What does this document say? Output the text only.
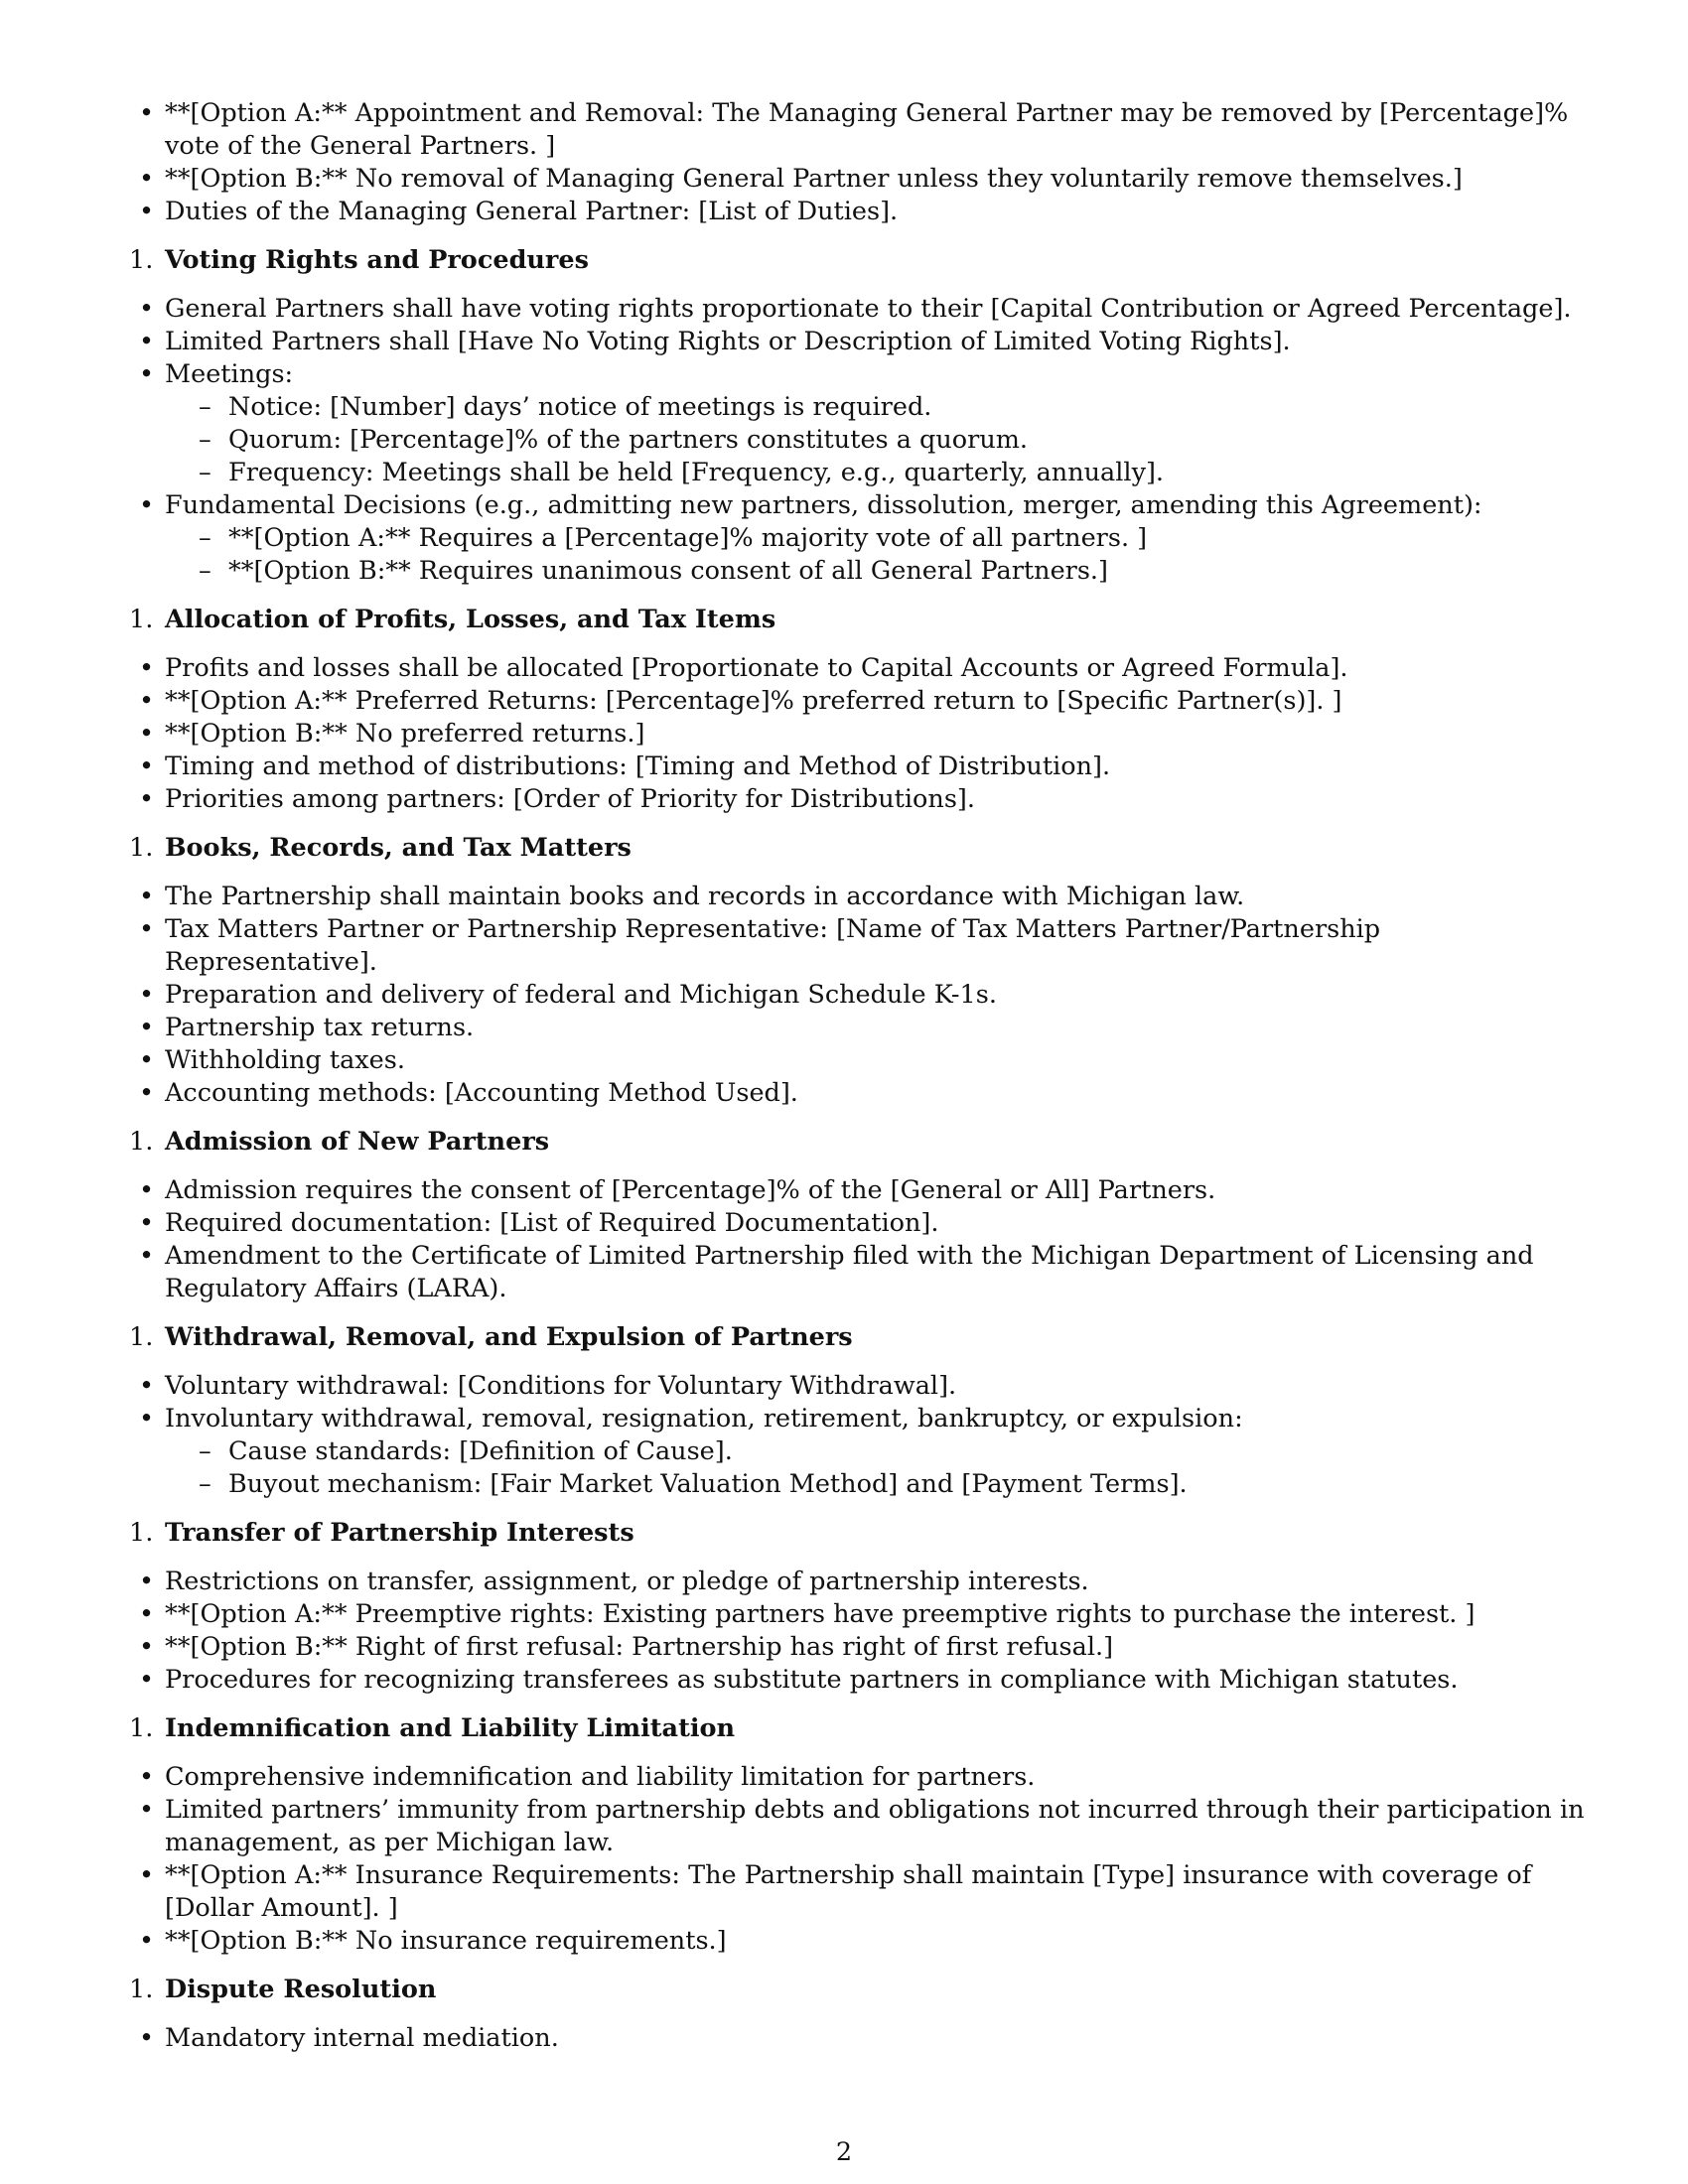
• **[Option A:** Appointment and Removal: The Managing General Partner may be removed by [Percentage]% vote of the General Partners. ]
• **[Option B:** No removal of Managing General Partner unless they voluntarily remove themselves.]
• Duties of the Managing General Partner: [List of Duties].
1. Voting Rights and Procedures
• General Partners shall have voting rights proportionate to their [Capital Contribution or Agreed Percentage].
• Limited Partners shall [Have No Voting Rights or Description of Limited Voting Rights].
• Meetings:
– Notice: [Number] days’ notice of meetings is required.
– Quorum: [Percentage]% of the partners constitutes a quorum.
– Frequency: Meetings shall be held [Frequency, e.g., quarterly, annually].
• Fundamental Decisions (e.g., admitting new partners, dissolution, merger, amending this Agreement):
– **[Option A:** Requires a [Percentage]% majority vote of all partners. ]
– **[Option B:** Requires unanimous consent of all General Partners.]
1. Allocation of Profits, Losses, and Tax Items
• Profits and losses shall be allocated [Proportionate to Capital Accounts or Agreed Formula].
• **[Option A:** Preferred Returns: [Percentage]% preferred return to [Specific Partner(s)]. ]
• **[Option B:** No preferred returns.]
• Timing and method of distributions: [Timing and Method of Distribution].
• Priorities among partners: [Order of Priority for Distributions].
1. Books, Records, and Tax Matters
• The Partnership shall maintain books and records in accordance with Michigan law.
• Tax Matters Partner or Partnership Representative: [Name of Tax Matters Partner/Partnership Representative].
• Preparation and delivery of federal and Michigan Schedule K-1s.
• Partnership tax returns.
• Withholding taxes.
• Accounting methods: [Accounting Method Used].
1. Admission of New Partners
• Admission requires the consent of [Percentage]% of the [General or All] Partners.
• Required documentation: [List of Required Documentation].
• Amendment to the Certificate of Limited Partnership filed with the Michigan Department of Licensing and Regulatory Affairs (LARA).
1. Withdrawal, Removal, and Expulsion of Partners
• Voluntary withdrawal: [Conditions for Voluntary Withdrawal].
• Involuntary withdrawal, removal, resignation, retirement, bankruptcy, or expulsion:
– Cause standards: [Definition of Cause].
– Buyout mechanism: [Fair Market Valuation Method] and [Payment Terms].
1. Transfer of Partnership Interests
• Restrictions on transfer, assignment, or pledge of partnership interests.
• **[Option A:** Preemptive rights: Existing partners have preemptive rights to purchase the interest. ]
• **[Option B:** Right of first refusal: Partnership has right of first refusal.]
• Procedures for recognizing transferees as substitute partners in compliance with Michigan statutes.
1. Indemnification and Liability Limitation
• Comprehensive indemnification and liability limitation for partners.
• Limited partners’ immunity from partnership debts and obligations not incurred through their participation in management, as per Michigan law.
• **[Option A:** Insurance Requirements: The Partnership shall maintain [Type] insurance with coverage of [Dollar Amount]. ]
• **[Option B:** No insurance requirements.]
1. Dispute Resolution
• Mandatory internal mediation.
2
